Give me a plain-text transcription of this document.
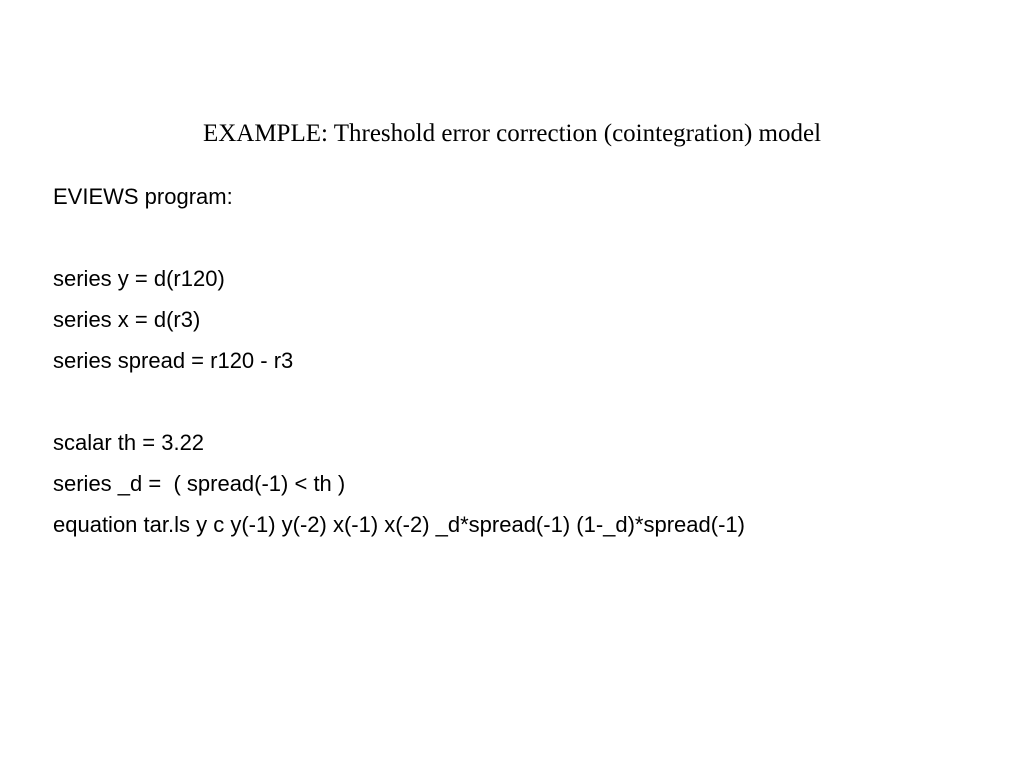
EXAMPLE: Threshold error correction (cointegration) model
EVIEWS program:
series y = d(r120)
series x = d(r3)
series spread = r120 - r3
scalar th = 3.22
series _d =  ( spread(-1) < th )
equation tar.ls y c y(-1) y(-2) x(-1) x(-2) _d*spread(-1) (1-_d)*spread(-1)
